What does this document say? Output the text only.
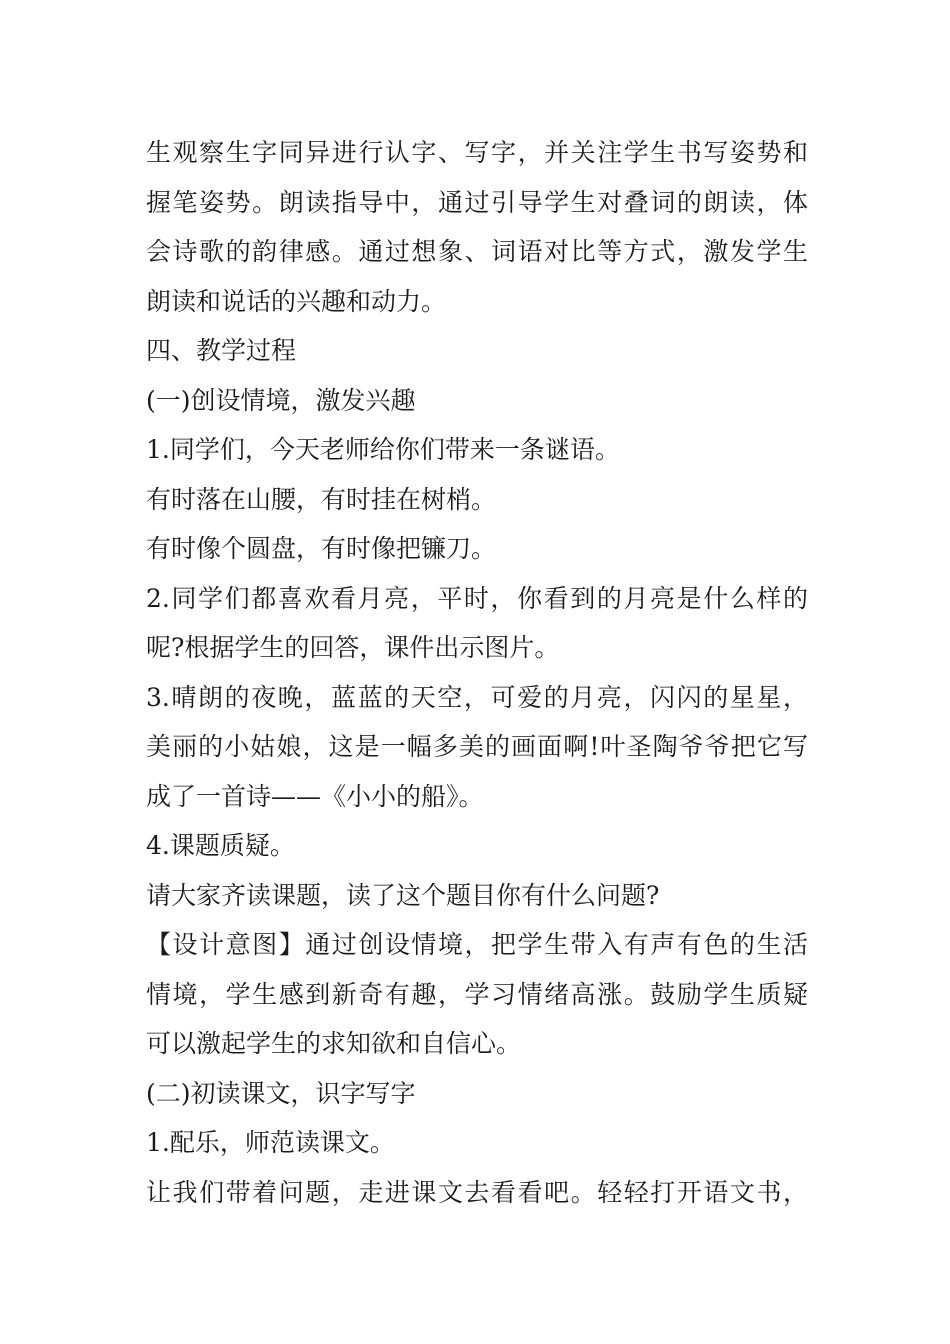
生观察生字同异进行认字、写字，并关注学生书写姿势和
握笔姿势。朗读指导中，通过引导学生对叠词的朗读，体
会诗歌的韵律感。通过想象、词语对比等方式，激发学生
朗读和说话的兴趣和动力。
四、教学过程
(一)创设情境，激发兴趣
1.同学们，今天老师给你们带来一条谜语。
有时落在山腰，有时挂在树梢。
有时像个圆盘，有时像把镰刀。
2.同学们都喜欢看月亮，平时，你看到的月亮是什么样的
呢?根据学生的回答，课件出示图片。
3.晴朗的夜晚，蓝蓝的天空，可爱的月亮，闪闪的星星，
美丽的小姑娘，这是一幅多美的画面啊!叶圣陶爷爷把它写
成了一首诗——《小小的船》。
4.课题质疑。
请大家齐读课题，读了这个题目你有什么问题?
【设计意图】通过创设情境，把学生带入有声有色的生活
情境，学生感到新奇有趣，学习情绪高涨。鼓励学生质疑
可以激起学生的求知欲和自信心。
(二)初读课文，识字写字
1.配乐，师范读课文。
让我们带着问题，走进课文去看看吧。轻轻打开语文书，
